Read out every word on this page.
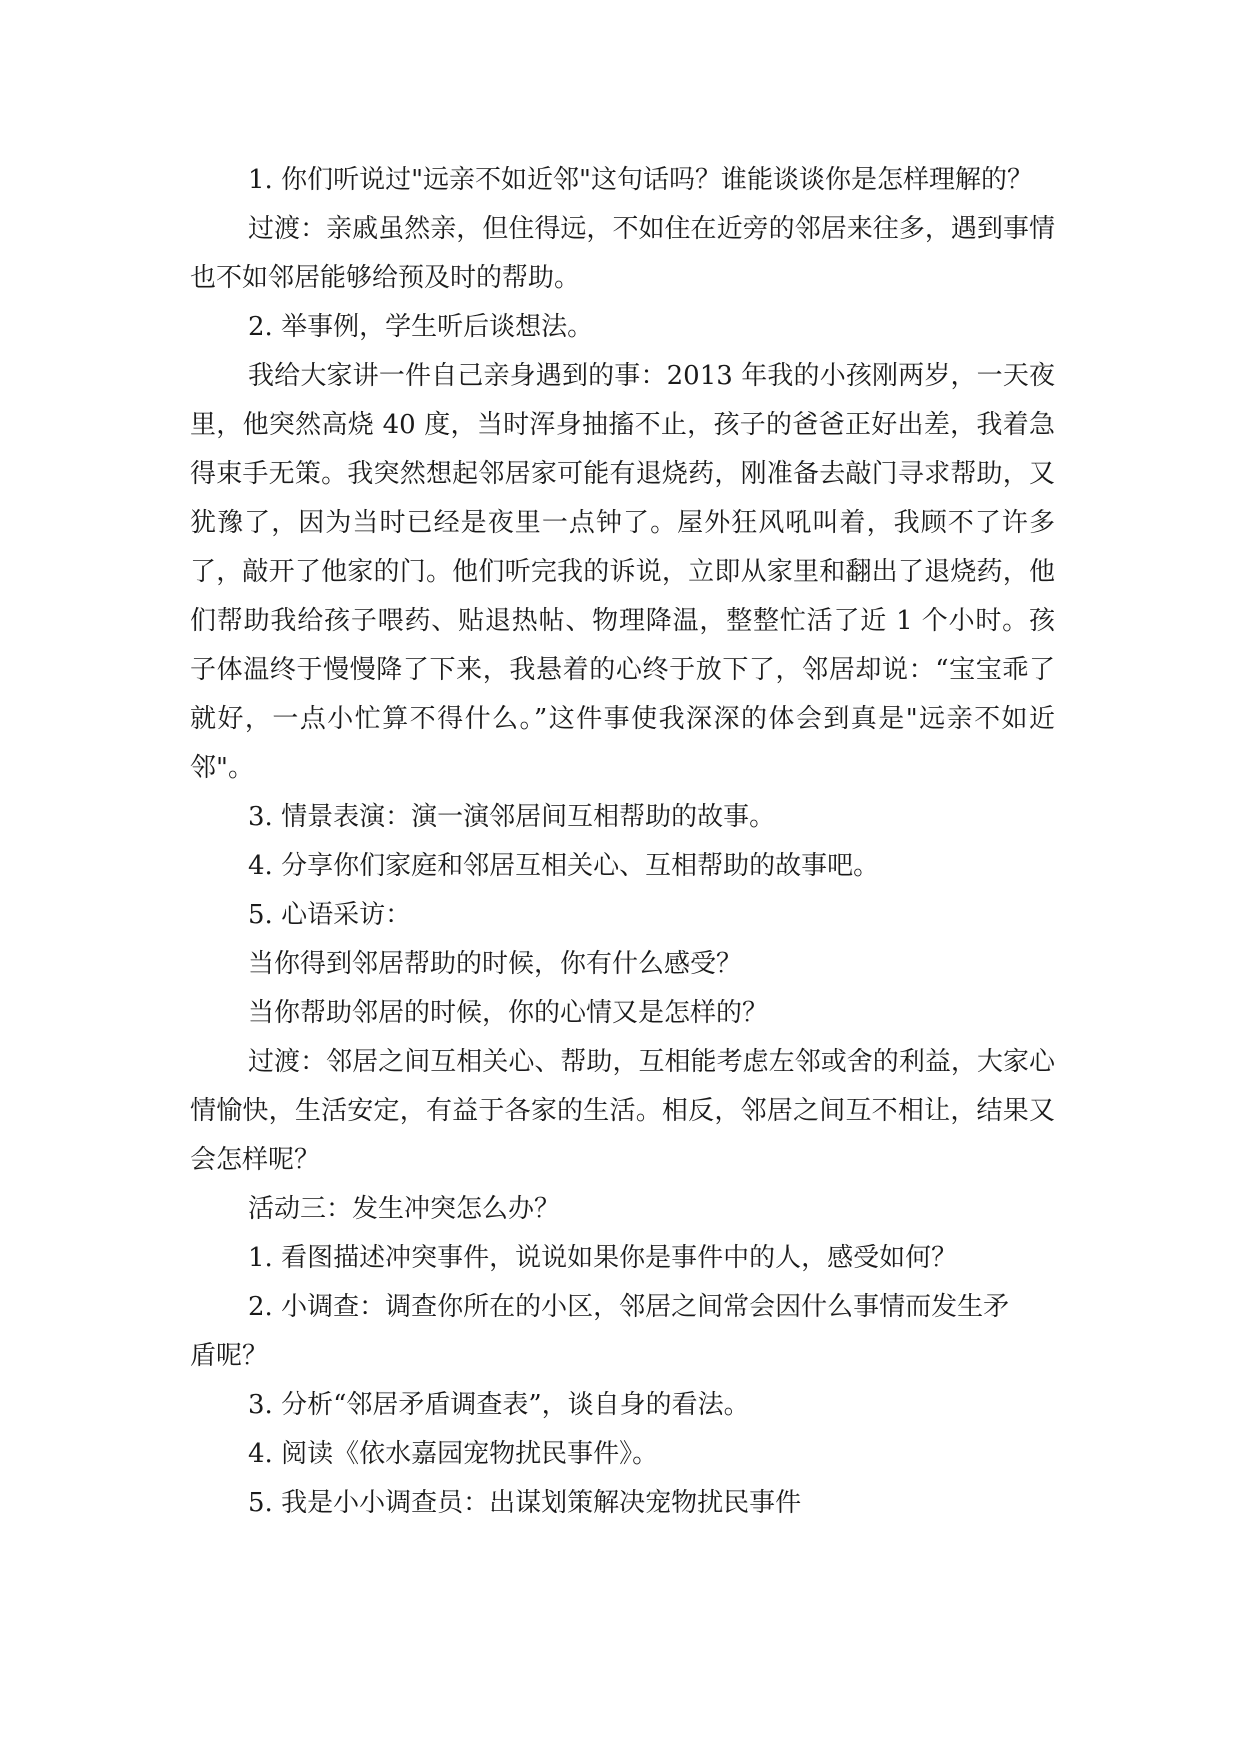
1. 你们听说过"远亲不如近邻"这句话吗？谁能谈谈你是怎样理解的？

过渡：亲戚虽然亲，但住得远，不如住在近旁的邻居来往多，遇到事情也不如邻居能够给预及时的帮助。

2. 举事例，学生听后谈想法。

我给大家讲一件自己亲身遇到的事：2013 年我的小孩刚两岁，一天夜里，他突然高烧 40 度，当时浑身抽搐不止，孩子的爸爸正好出差，我着急得束手无策。我突然想起邻居家可能有退烧药，刚准备去敲门寻求帮助，又犹豫了，因为当时已经是夜里一点钟了。屋外狂风吼叫着，我顾不了许多了，敲开了他家的门。他们听完我的诉说，立即从家里和翻出了退烧药，他们帮助我给孩子喂药、贴退热帖、物理降温，整整忙活了近 1 个小时。孩子体温终于慢慢降了下来，我悬着的心终于放下了，邻居却说：“宝宝乖了就好，一点小忙算不得什么。”这件事使我深深的体会到真是"远亲不如近邻"。

3. 情景表演：演一演邻居间互相帮助的故事。

4. 分享你们家庭和邻居互相关心、互相帮助的故事吧。

5. 心语采访：

当你得到邻居帮助的时候，你有什么感受？

当你帮助邻居的时候，你的心情又是怎样的？

过渡：邻居之间互相关心、帮助，互相能考虑左邻或舍的利益，大家心情愉快，生活安定，有益于各家的生活。相反，邻居之间互不相让，结果又会怎样呢？

活动三：发生冲突怎么办？

1. 看图描述冲突事件，说说如果你是事件中的人，感受如何？

2. 小调查：调查你所在的小区，邻居之间常会因什么事情而发生矛

盾呢？

3. 分析“邻居矛盾调查表”，谈自身的看法。

4. 阅读《依水嘉园宠物扰民事件》。

5. 我是小小调查员：出谋划策解决宠物扰民事件
